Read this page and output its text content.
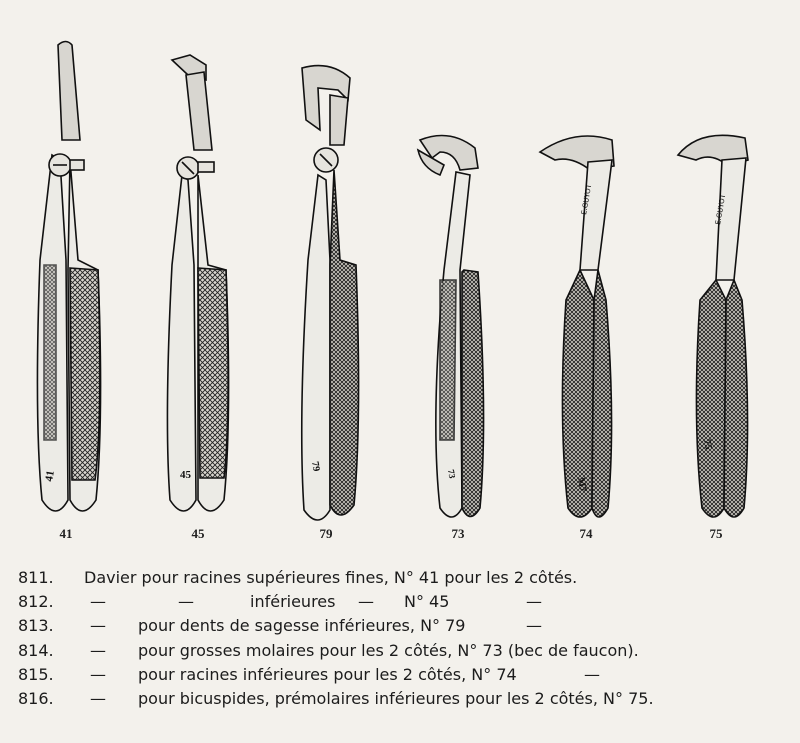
41	45
79
73
M7
75
E.GUYOT	E.GUYOT
41	45	79	73	74	75
811. Davier pour racines supérieures fines, N° 41 pour les 2 côtés.
812. —	—	inférieures — N° 45	—
813. — pour dents de sagesse inférieures, N° 79	—
814. — pour grosses molaires pour les 2 côtés, N° 73 (bec de faucon).
815. — pour racines inférieures pour les 2 côtés, N° 74	—
816. — pour bicuspides, prémolaires inférieures pour les 2 côtés, N° 75.
